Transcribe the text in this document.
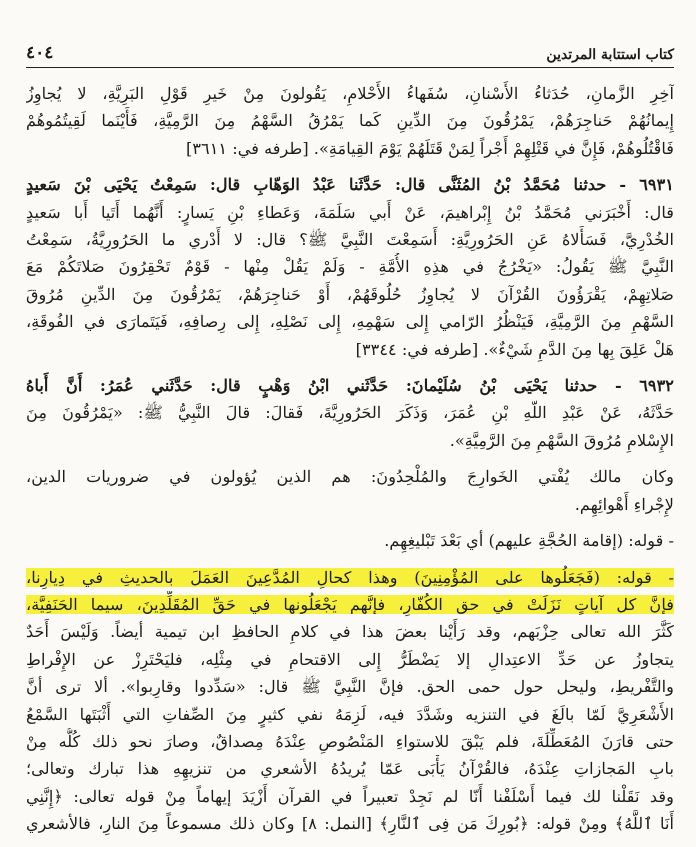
٤٠٤	كتاب استتابة المرتدين
آخِرِ الزَّمانِ، حُدَثاءُ الأَسْنانِ، سُفَهاءُ الأَحْلامِ، يَقُولونَ مِنْ خَيرِ قَوْلِ البَرِيَّةِ، لا يُجاوِزُ
إِيمانُهُمْ حَناجِرَهُمْ، يَمْرُقُونَ مِنَ الدِّينِ كَما يَمْرُقُ السَّهْمُ مِنَ الرَّمِيَّةِ، فَأَيْنَما لَقِيتُمُوهُمْ
فَاقْتُلُوهُمْ، فَإِنَّ في قَتْلِهِمْ أَجْراً لِمَنْ قَتَلَهُمْ يَوْمَ القِيامَةِ». [طرفه في: ٣٦١١]
٦٩٣١ - حدثنا مُحَمَّدُ بْنُ المُثَنَّى قال: حَدَّثَنا عَبْدُ الوَهّابِ قال: سَمِعْتُ يَحْيَى بْنَ سَعيدٍ
قال: أَخْبَرَني مُحَمَّدُ بْنُ إِبْراهيمَ، عَنْ أَبي سَلَمَةَ، وَعَطاءِ بْنِ يَسارٍ: أَنَّهُما أَتَيا أَبا سَعيدٍ
الخُدْرِيَّ، فَسَأَلاهُ عَنِ الحَرُورِيَّةِ: أَسَمِعْتَ النَّبِيَّ ﷺ؟ قال: لا أَدْري ما الحَرُورِيَّةُ، سَمِعْتُ
النَّبِيَّ ﷺ يَقُولُ: «يَخْرُجُ في هذِهِ الأُمَّةِ - وَلَمْ يَقُلْ مِنْها - قَوْمٌ تَحْقِرُونَ صَلاتَكُمْ مَعَ
صَلاتِهِمْ، يَقْرَؤُونَ القُرْآنَ لا يُجاوِزُ حُلُوقَهُمْ، أَوْ حَناجِرَهُمْ، يَمْرُقُونَ مِنَ الدِّينِ مُرُوقَ
السَّهْمِ مِنَ الرَّمِيَّةِ، فَيَنْظُرُ الرّامي إِلى سَهْمِهِ، إِلى نَصْلِهِ، إِلى رِصافِهِ، فَيَتَمارَى في الفُوقَةِ،
هَلْ عَلِقَ بِها مِنَ الدَّمِ شَيْءٌ». [طرفه في: ٣٣٤٤]
٦٩٣٢ - حدثنا يَحْيَى بْنُ سُلَيْمانَ: حَدَّثَني ابْنُ وَهْبٍ قال: حَدَّثَني عُمَرُ: أَنَّ أَباهُ
حَدَّثَهُ، عَنْ عَبْدِ اللّهِ بْنِ عُمَرَ، وَذَكَرَ الحَرُورِيَّةَ، فَقالَ: قالَ النَّبِيُّ ﷺ: «يَمْرُقُونَ مِنَ
الإِسْلامِ مُرُوقَ السَّهْمِ مِنَ الرَّمِيَّةِ».
وكان مالك يُفْتي الخَوارِجَ والمُلْحِدُونَ: هم الذين يُؤولون في ضروريات الدين،
لإِجْراءِ أَهْوائِهِم.
- قوله: (إقامة الحُجَّةِ عليهم) أي بَعْدَ تَبْليغِهِم.
- قوله: (فَجَعَلُوها على المُؤْمِنِينَ) وهذا كحالِ المُدَّعِينَ العَمَلَ بالحديثِ في دِيارِنا،
فإنَّ كل آياتٍ نَزَلَتْ في حق الكُفّارِ، فإنَّهم يَجْعَلُونها في حَقِّ المُقَلِّدِينَ، سيما الحَنَفِيَّة،
كَثَّرَ الله تعالى حِزْبَهم، وقد رَأَيْنا بعضَ هذا في كلامِ الحافظِ ابن تيمية أيضاً. وَلَيْسَ أَحَدٌ
يتجاوزُ عن حَدِّ الاعتِدالِ إلا يَضْطَرُّ إِلى الاقتحامِ في مِثْلِه، فليَحْتَرِزْ عن الإِفْراطِ
والتَّفْريطِ، وليحل حول حمى الحق. فإنَّ النَّبِيَّ ﷺ قال: «سَدِّدوا وقارِبوا». ألا ترى أنَّ
الأَشْعَرِيَّ لَمّا بالَغَ في التنزيه وشَدَّدَ فيه، لَزِمَهُ نفي كثيرٍ مِنَ الصِّفاتِ التي أَثْبَتَها السَّمْعُ
حتى قارَنَ المُعَطِّلَةَ، فلم يَبْقَ للاستواءِ المَنْصُوصِ عِنْدَهُ مِصداقٌ، وصارَ نحو ذلك كُلُّه مِنْ
بابِ المَجازاتِ عِنْدَهُ، فالقُرْآنُ يَأْبَى عَمّا يُريدُهُ الأشعري من تنزيهِهِ هذا تبارك وتعالى؛
وقد نَقَلْنا لك فيما أَسْلَفْنا أَنّا لم نَجِدْ تعبيراً في القرآن أَزْيَدَ إيهاماً مِنْ قوله تعالى: ﴿إِنَّنِي
أَنَا ٱللَّهُ﴾ ومِنْ قوله: ﴿بُورِكَ مَن فِى ٱلنَّارِ﴾ [النمل: ٨] وكان ذلك مسموعاً مِنَ النارِ، فالأشعري
